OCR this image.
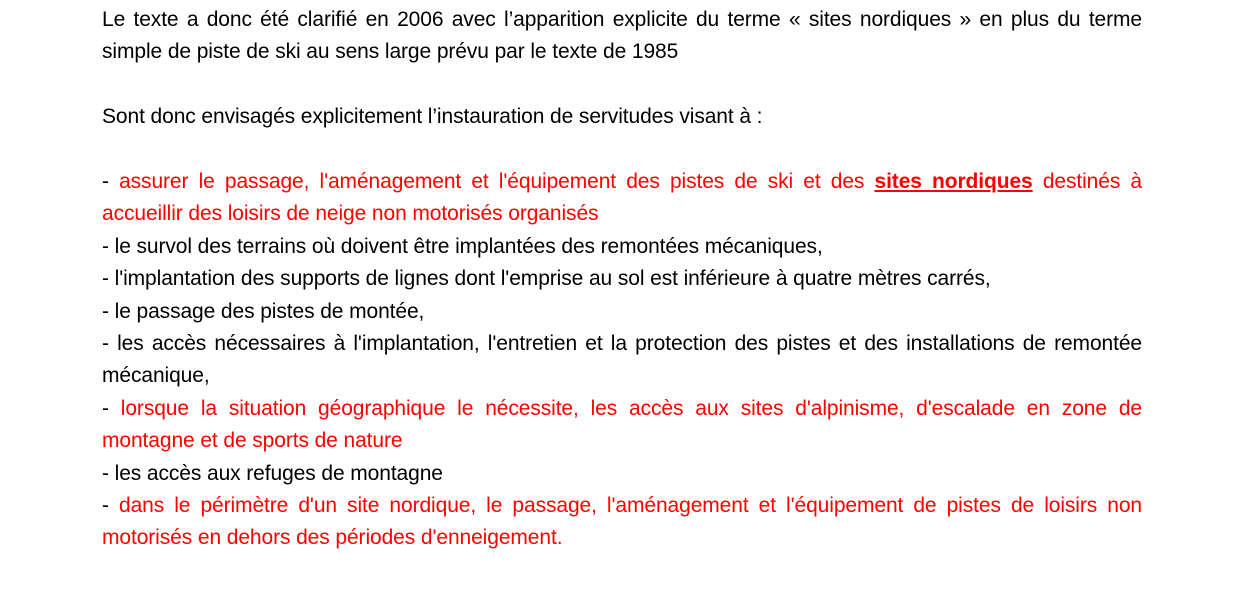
Le texte a donc été clarifié en 2006 avec l’apparition explicite du terme « sites nordiques » en plus du terme simple de piste de ski au sens large prévu par le texte de 1985

Sont donc envisagés explicitement l’instauration de servitudes visant à :

- assurer le passage, l'aménagement et l'équipement des pistes de ski et des sites nordiques destinés à accueillir des loisirs de neige non motorisés organisés

- le survol des terrains où doivent être implantées des remontées mécaniques,

- l'implantation des supports de lignes dont l'emprise au sol est inférieure à quatre mètres carrés,

- le passage des pistes de montée,

- les accès nécessaires à l'implantation, l'entretien et la protection des pistes et des installations de remontée mécanique,

- lorsque la situation géographique le nécessite, les accès aux sites d'alpinisme, d'escalade en zone de montagne et de sports de nature

- les accès aux refuges de montagne

- dans le périmètre d'un site nordique, le passage, l'aménagement et l'équipement de pistes de loisirs non motorisés en dehors des périodes d'enneigement.
